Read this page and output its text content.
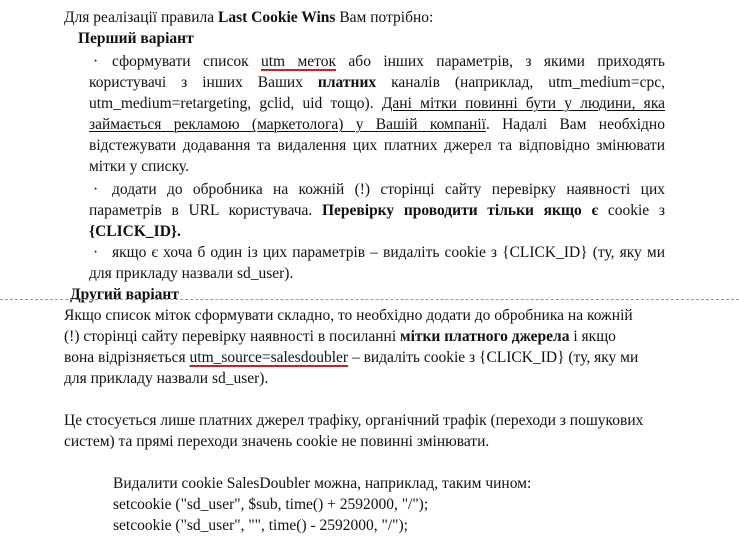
Для реалізації правила Last Cookie Wins Вам потрібно:
Перший варіант
· сформувати список utm меток або інших параметрів, з якими приходять
користувачі з інших Ваших платних каналів (наприклад, utm_medium=cpc,
utm_medium=retargeting, gclid, uid тощо). Дані мітки повинні бути у людини, яка
займається рекламою (маркетолога) у Вашій компанії. Надалі Вам необхідно
відстежувати додавання та видалення цих платних джерел та відповідно змінювати
мітки у списку.
· додати до обробника на кожній (!) сторінці сайту перевірку наявності цих
параметрів в URL користувача. Перевірку проводити тільки якщо є cookie з
{CLICK_ID}.
· якщо є хоча б один із цих параметрів – видаліть cookie з {CLICK_ID} (ту, яку ми
для прикладу назвали sd_user).
Другий варіант
Якщо список міток сформувати складно, то необхідно додати до обробника на кожній
(!) сторінці сайту перевірку наявності в посиланні мітки платного джерела і якщо
вона відрізняється utm_source=salesdoubler – видаліть cookie з {CLICK_ID} (ту, яку ми
для прикладу назвали sd_user).
Це стосується лише платних джерел трафіку, органічний трафік (переходи з пошукових
систем) та прямі переходи значень cookie не повинні змінювати.
Видалити cookie SalesDoubler можна, наприклад, таким чином:
setcookie ("sd_user", $sub, time() + 2592000, "/");
setcookie ("sd_user", "", time() - 2592000, "/");
